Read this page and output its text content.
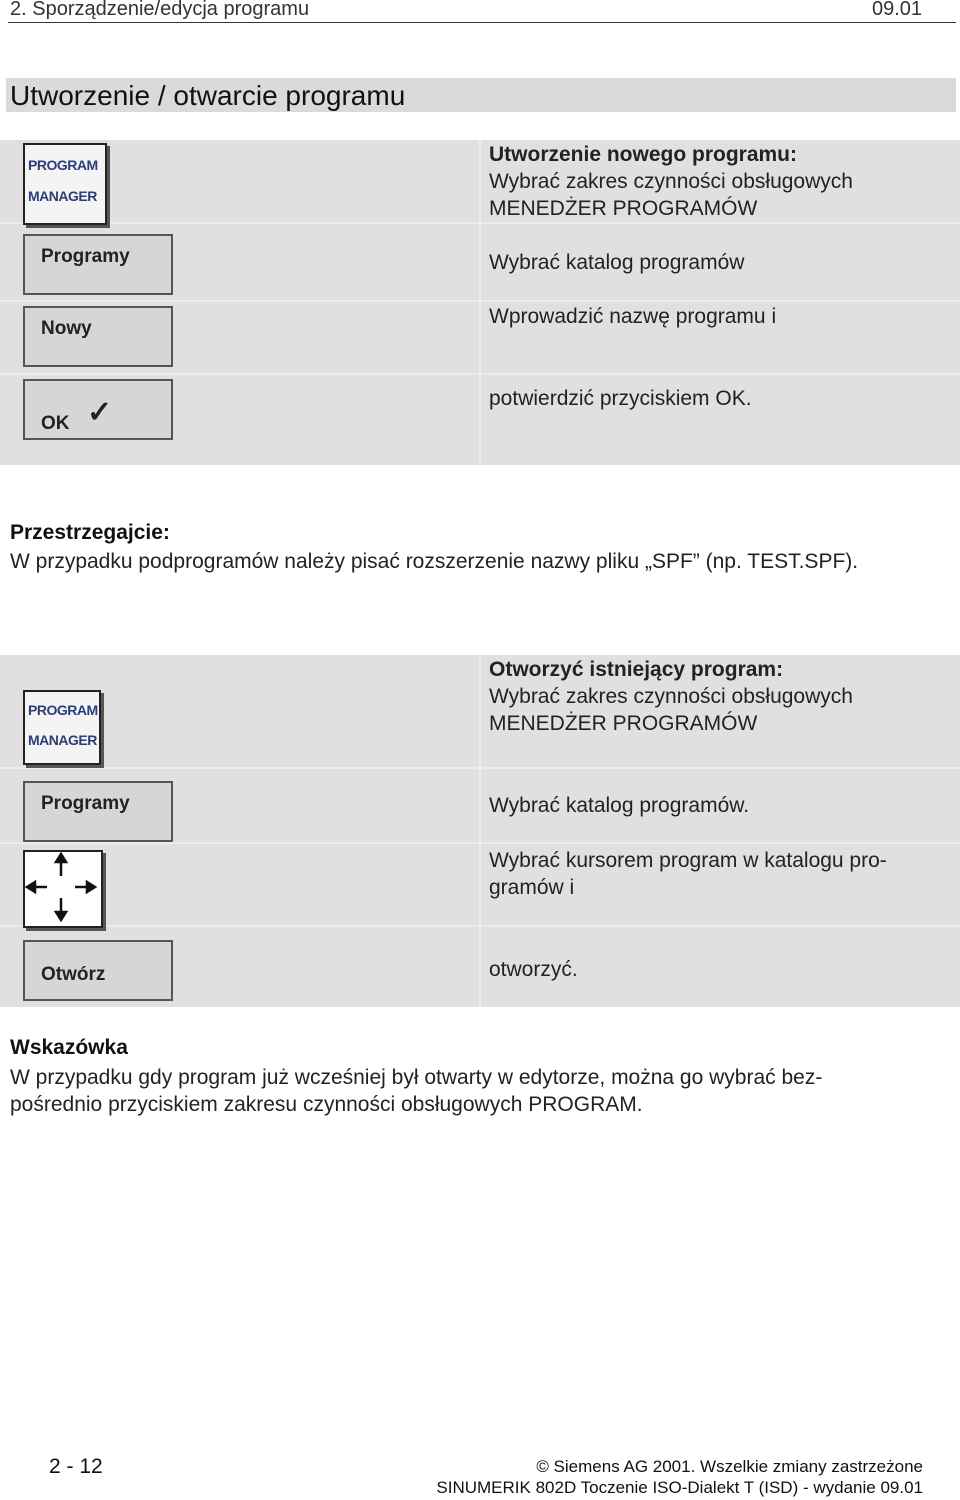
2. Sporządzenie/edycja programu	09.01
Utworzenie / otwarcie programu
PROGRAM
MANAGER
Programy
Nowy
OK ✓
Utworzenie nowego programu:
Wybrać zakres czynności obsługowych
MENEDŻER PROGRAMÓW
Wybrać katalog programów
Wprowadzić nazwę programu i
potwierdzić przyciskiem OK.
Przestrzegajcie:
W przypadku podprogramów należy pisać rozszerzenie nazwy pliku „SPF” (np. TEST.SPF).
PROGRAM
MANAGER
Programy
Otwórz
Otworzyć istniejący program:
Wybrać zakres czynności obsługowych
MENEDŻER PROGRAMÓW
Wybrać katalog programów.
Wybrać kursorem program w katalogu pro-
gramów i
otworzyć.
Wskazówka
W przypadku gdy program już wcześniej był otwarty w edytorze, można go wybrać bez-
pośrednio przyciskiem zakresu czynności obsługowych PROGRAM.
2 - 12	© Siemens AG 2001. Wszelkie zmiany zastrzeżone
SINUMERIK 802D Toczenie ISO-Dialekt T (ISD) - wydanie 09.01
